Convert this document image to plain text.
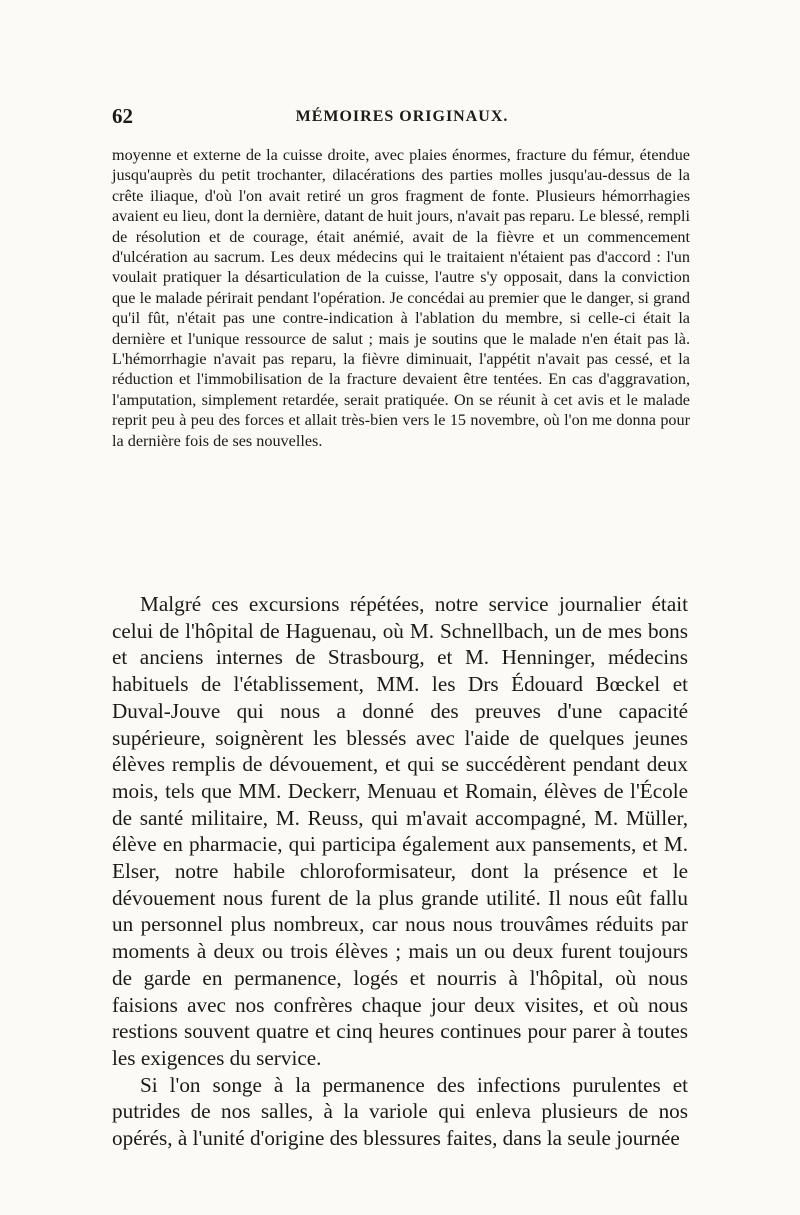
62	MÉMOIRES ORIGINAUX.

moyenne et externe de la cuisse droite, avec plaies énormes, fracture du fémur, étendue jusqu'auprès du petit trochanter, dilacérations des parties molles jusqu'au-dessus de la crête iliaque, d'où l'on avait retiré un gros fragment de fonte. Plusieurs hémorrhagies avaient eu lieu, dont la dernière, datant de huit jours, n'avait pas reparu. Le blessé, rempli de résolution et de courage, était anémié, avait de la fièvre et un commencement d'ulcération au sacrum. Les deux médecins qui le traitaient n'étaient pas d'accord : l'un voulait pratiquer la désarticulation de la cuisse, l'autre s'y opposait, dans la conviction que le malade périrait pendant l'opération. Je concédai au premier que le danger, si grand qu'il fût, n'était pas une contre-indication à l'ablation du membre, si celle-ci était la dernière et l'unique ressource de salut ; mais je soutins que le malade n'en était pas là. L'hémorrhagie n'avait pas reparu, la fièvre diminuait, l'appétit n'avait pas cessé, et la réduction et l'immobilisation de la fracture devaient être tentées. En cas d'aggravation, l'amputation, simplement retardée, serait pratiquée. On se réunit à cet avis et le malade reprit peu à peu des forces et allait très-bien vers le 15 novembre, où l'on me donna pour la dernière fois de ses nouvelles.

Malgré ces excursions répétées, notre service journalier était celui de l'hôpital de Haguenau, où M. Schnellbach, un de mes bons et anciens internes de Strasbourg, et M. Henninger, médecins habituels de l'établissement, MM. les Drs Édouard Bœckel et Duval-Jouve qui nous a donné des preuves d'une capacité supérieure, soignèrent les blessés avec l'aide de quelques jeunes élèves remplis de dévouement, et qui se succédèrent pendant deux mois, tels que MM. Deckerr, Menuau et Romain, élèves de l'École de santé militaire, M. Reuss, qui m'avait accompagné, M. Müller, élève en pharmacie, qui participa également aux pansements, et M. Elser, notre habile chloroformisateur, dont la présence et le dévouement nous furent de la plus grande utilité. Il nous eût fallu un personnel plus nombreux, car nous nous trouvâmes réduits par moments à deux ou trois élèves ; mais un ou deux furent toujours de garde en permanence, logés et nourris à l'hôpital, où nous faisions avec nos confrères chaque jour deux visites, et où nous restions souvent quatre et cinq heures continues pour parer à toutes les exigences du service.

Si l'on songe à la permanence des infections purulentes et putrides de nos salles, à la variole qui enleva plusieurs de nos opérés, à l'unité d'origine des blessures faites, dans la seule journée
